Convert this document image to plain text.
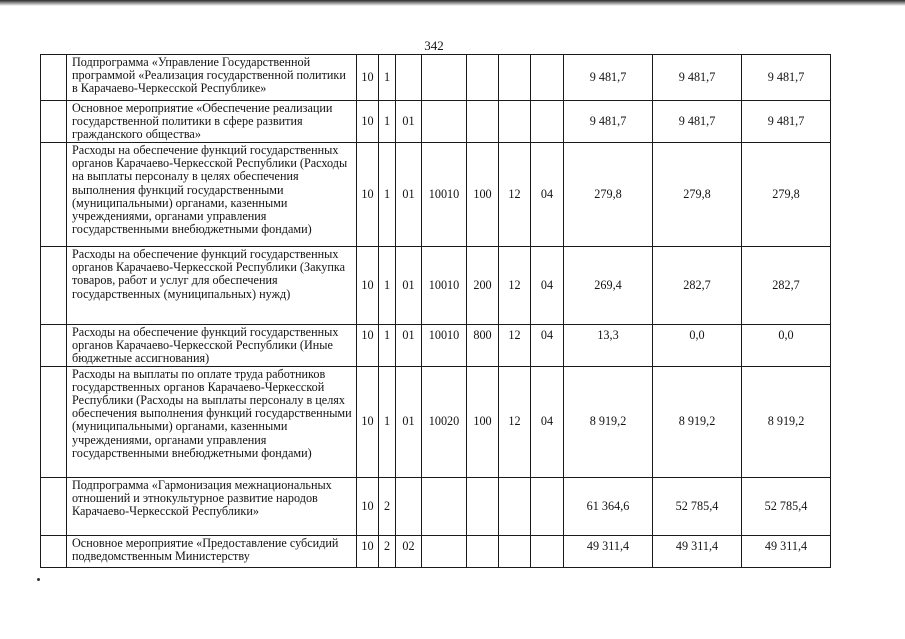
342
	Подпрограмма «Управление Государственной программой «Реализация государственной политики в Карачаево-Черкесской Республике»	10	1						9 481,7	9 481,7	9 481,7
	Основное мероприятие «Обеспечение реализации государственной политики в сфере развития гражданского общества»	10	1	01					9 481,7	9 481,7	9 481,7
	Расходы на обеспечение функций государственных органов Карачаево-Черкесской Республики (Расходы на выплаты персоналу в целях обеспечения выполнения функций государственными (муниципальными) органами, казенными учреждениями, органами управления государственными внебюджетными фондами)	10	1	01	10010	100	12	04	279,8	279,8	279,8
	Расходы на обеспечение функций государственных органов Карачаево-Черкесской Республики (Закупка товаров, работ и услуг для обеспечения государственных (муниципальных) нужд)	10	1	01	10010	200	12	04	269,4	282,7	282,7
	Расходы на обеспечение функций государственных органов Карачаево-Черкесской Республики (Иные бюджетные ассигнования)	10	1	01	10010	800	12	04	13,3	0,0	0,0
	Расходы на выплаты по оплате труда работников государственных органов Карачаево-Черкесской Республики (Расходы на выплаты персоналу в целях обеспечения выполнения функций государственными (муниципальными) органами, казенными учреждениями, органами управления государственными внебюджетными фондами)	10	1	01	10020	100	12	04	8 919,2	8 919,2	8 919,2
	Подпрограмма «Гармонизация межнациональных отношений и этнокультурное развитие народов Карачаево-Черкесской Республики»	10	2						61 364,6	52 785,4	52 785,4
	Основное мероприятие «Предоставление субсидий подведомственным Министерству	10	2	02					49 311,4	49 311,4	49 311,4
